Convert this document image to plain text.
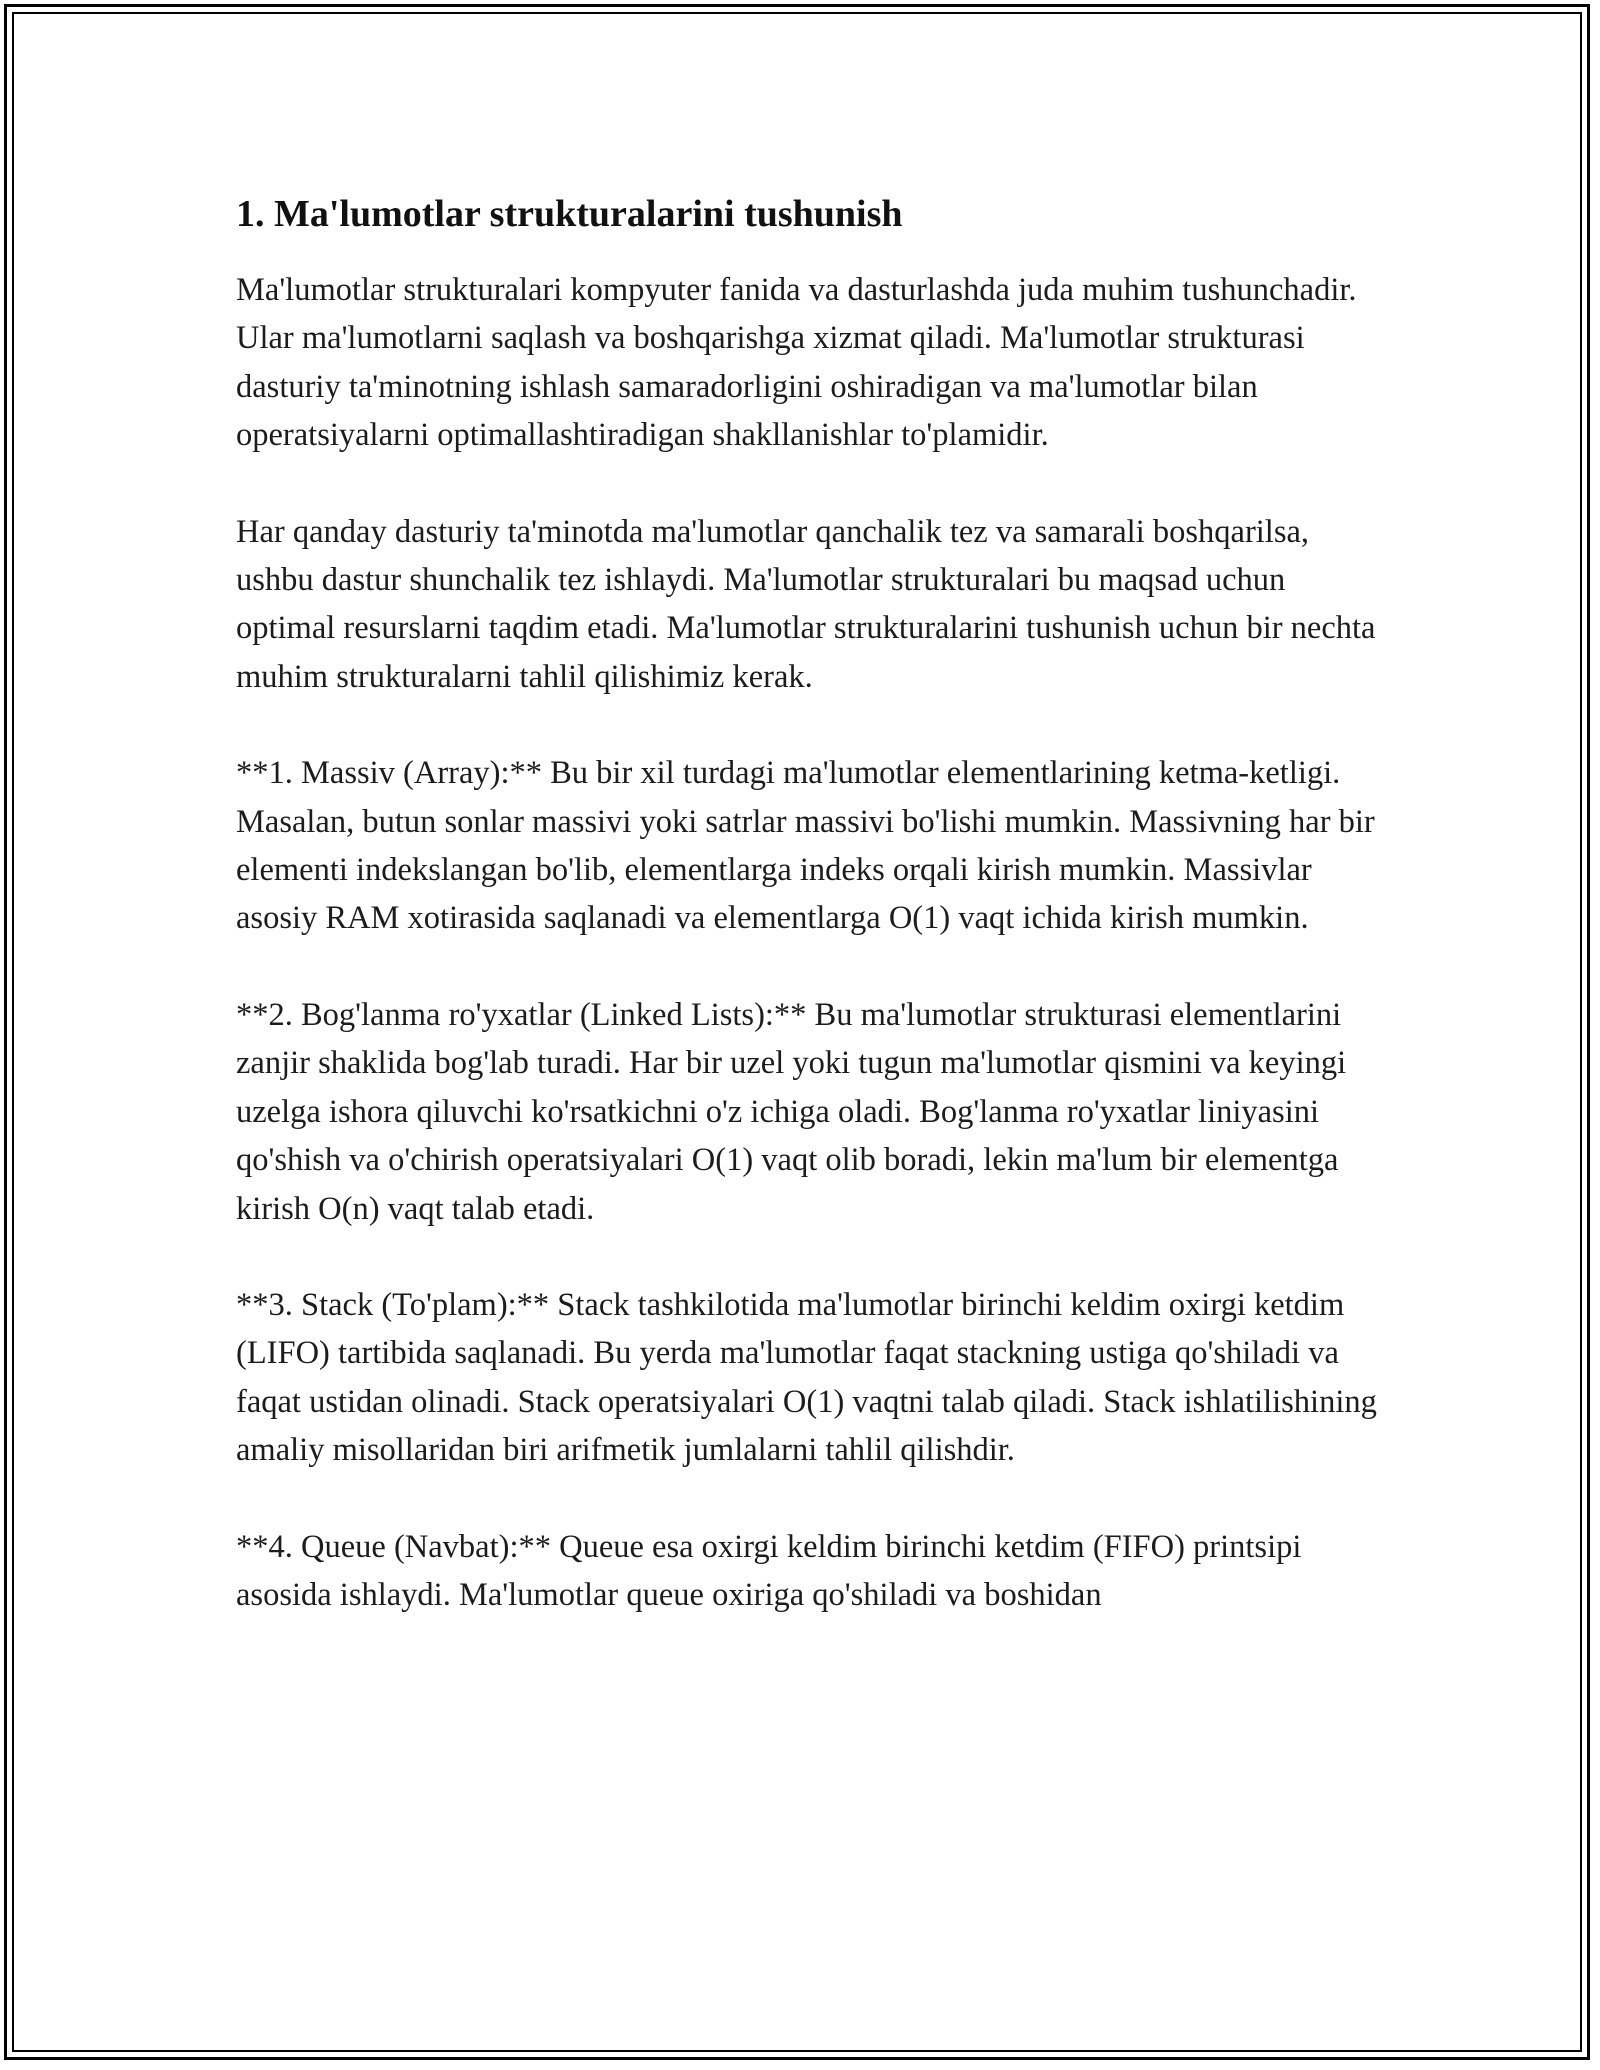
1. Ma'lumotlar strukturalarini tushunish

Ma'lumotlar strukturalari kompyuter fanida va dasturlashda juda muhim tushunchadir. Ular ma'lumotlarni saqlash va boshqarishga xizmat qiladi. Ma'lumotlar strukturasi dasturiy ta'minotning ishlash samaradorligini oshiradigan va ma'lumotlar bilan operatsiyalarni optimallashtiradigan shakllanishlar to'plamidir.

Har qanday dasturiy ta'minotda ma'lumotlar qanchalik tez va samarali boshqarilsa, ushbu dastur shunchalik tez ishlaydi. Ma'lumotlar strukturalari bu maqsad uchun optimal resurslarni taqdim etadi. Ma'lumotlar strukturalarini tushunish uchun bir nechta muhim strukturalarni tahlil qilishimiz kerak.

**1. Massiv (Array):** Bu bir xil turdagi ma'lumotlar elementlarining ketma-ketligi. Masalan, butun sonlar massivi yoki satrlar massivi bo'lishi mumkin. Massivning har bir elementi indekslangan bo'lib, elementlarga indeks orqali kirish mumkin. Massivlar asosiy RAM xotirasida saqlanadi va elementlarga O(1) vaqt ichida kirish mumkin.

**2. Bog'lanma ro'yxatlar (Linked Lists):** Bu ma'lumotlar strukturasi elementlarini zanjir shaklida bog'lab turadi. Har bir uzel yoki tugun ma'lumotlar qismini va keyingi uzelga ishora qiluvchi ko'rsatkichni o'z ichiga oladi. Bog'lanma ro'yxatlar liniyasini qo'shish va o'chirish operatsiyalari O(1) vaqt olib boradi, lekin ma'lum bir elementga kirish O(n) vaqt talab etadi.

**3. Stack (To'plam):** Stack tashkilotida ma'lumotlar birinchi keldim oxirgi ketdim (LIFO) tartibida saqlanadi. Bu yerda ma'lumotlar faqat stackning ustiga qo'shiladi va faqat ustidan olinadi. Stack operatsiyalari O(1) vaqtni talab qiladi. Stack ishlatilishining amaliy misollaridan biri arifmetik jumlalarni tahlil qilishdir.

**4. Queue (Navbat):** Queue esa oxirgi keldim birinchi ketdim (FIFO) printsipi asosida ishlaydi. Ma'lumotlar queue oxiriga qo'shiladi va boshidan
